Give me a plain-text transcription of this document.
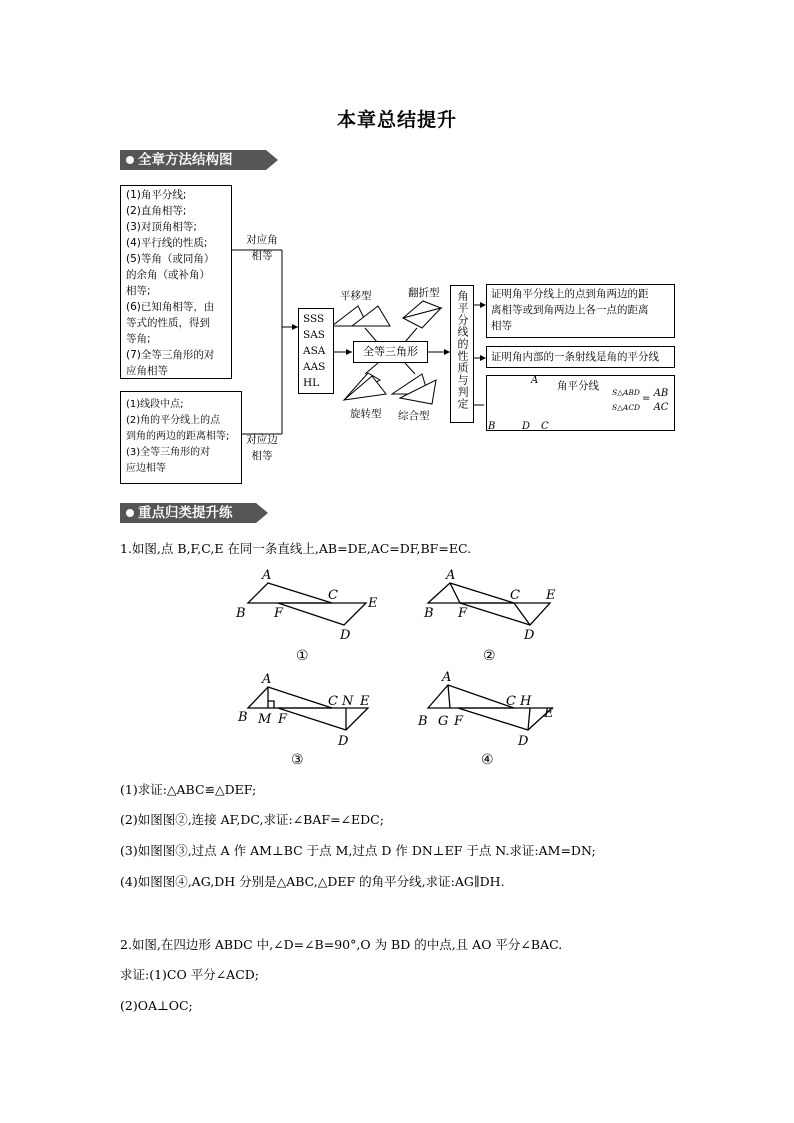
本章总结提升
全章方法结构图
(1)角平分线;
(2)直角相等;
(3)对顶角相等;
(4)平行线的性质;
(5)等角（或同角）
的余角（或补角）
相等;
(6)已知角相等，由
等式的性质，得到
等角;
(7)全等三角形的对
应角相等
(1)线段中点;
(2)角的平分线上的点
到角的两边的距离相等;
(3)全等三角形的对
应边相等
对应角
相等
对应边
相等
SSS
SAS
ASA
AAS
HL
全等三角形
平移型	翻折型
旋转型 综合型
角平分线的性质与判定 证明角平分线上的点到角两边的距
离相等或到角两边上各一点的距离
相等
证明角内部的一条射线是角的平分线
A
B	D C
角平分线
S△ABD
S△ACD
= AB
AC
重点归类提升练
1.如图,点 B,F,C,E 在同一条直线上,AB=DE,AC=DF,BF=EC.
A
B F
C
E
D
A
B F
C E
D
A
B M F
C N E
D
A
B G F
C H
E
D
①	②
③	④
(1)求证:△ABC≌△DEF;
(2)如图图②,连接 AF,DC,求证:∠BAF=∠EDC;
(3)如图图③,过点 A 作 AM⊥BC 于点 M,过点 D 作 DN⊥EF 于点 N.求证:AM=DN;
(4)如图图④,AG,DH 分别是△ABC,△DEF 的角平分线,求证:AG∥DH.
2.如图,在四边形 ABDC 中,∠D=∠B=90°,O 为 BD 的中点,且 AO 平分∠BAC.
求证:(1)CO 平分∠ACD;
(2)OA⊥OC;
